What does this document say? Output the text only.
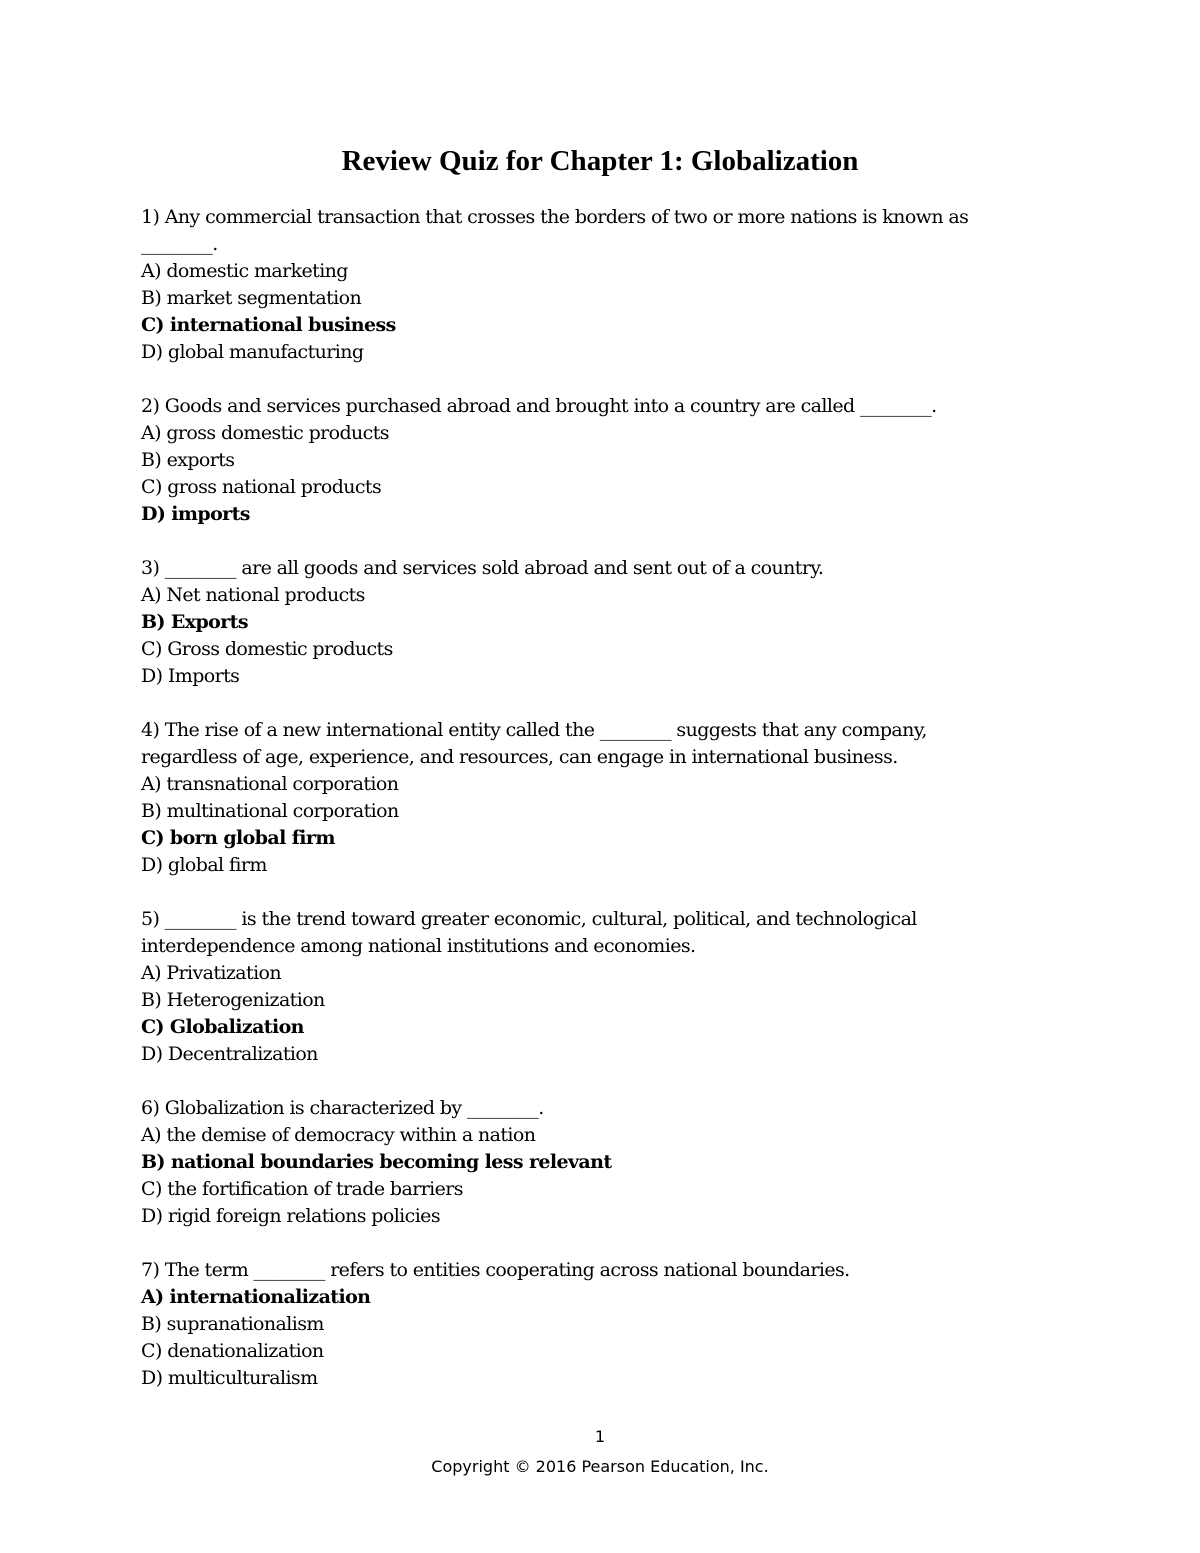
Review Quiz for Chapter 1: Globalization
1) Any commercial transaction that crosses the borders of two or more nations is known as ________.
A) domestic marketing
B) market segmentation
C) international business
D) global manufacturing
2) Goods and services purchased abroad and brought into a country are called ________.
A) gross domestic products
B) exports
C) gross national products
D) imports
3) ________ are all goods and services sold abroad and sent out of a country.
A) Net national products
B) Exports
C) Gross domestic products
D) Imports
4) The rise of a new international entity called the ________ suggests that any company, regardless of age, experience, and resources, can engage in international business.
A) transnational corporation
B) multinational corporation
C) born global firm
D) global firm
5) ________ is the trend toward greater economic, cultural, political, and technological interdependence among national institutions and economies.
A) Privatization
B) Heterogenization
C) Globalization
D) Decentralization
6) Globalization is characterized by ________.
A) the demise of democracy within a nation
B) national boundaries becoming less relevant
C) the fortification of trade barriers
D) rigid foreign relations policies
7) The term ________ refers to entities cooperating across national boundaries.
A) internationalization
B) supranationalism
C) denationalization
D) multiculturalism
1
Copyright © 2016 Pearson Education, Inc.
